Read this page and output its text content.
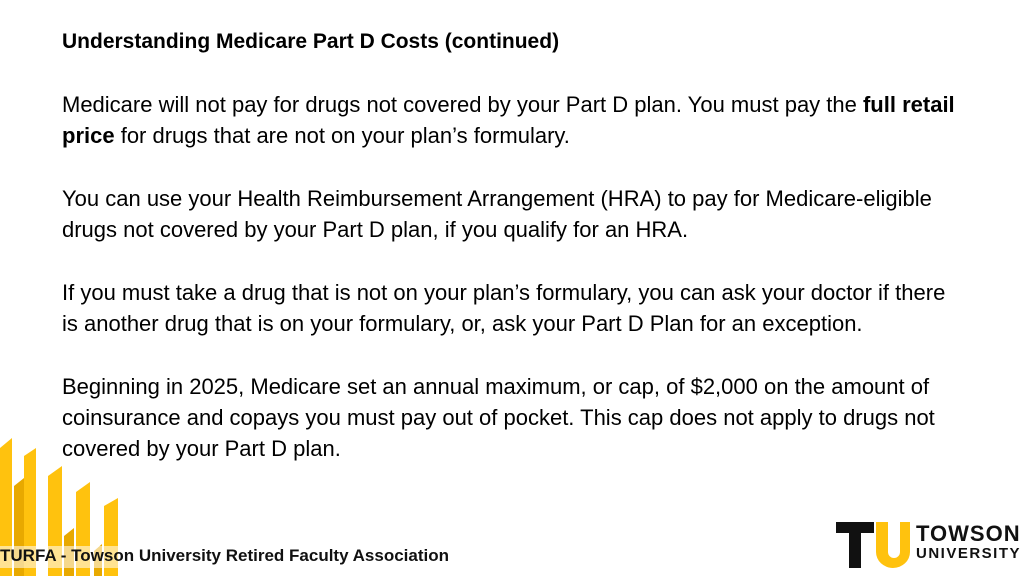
Understanding Medicare Part D Costs (continued)

Medicare will not pay for drugs not covered by your Part D plan. You must pay the full retail price for drugs that are not on your plan’s formulary.

You can use your Health Reimbursement Arrangement (HRA) to pay for Medicare-eligible drugs not covered by your Part D plan, if you qualify for an HRA.

If you must take a drug that is not on your plan’s formulary, you can ask your doctor if there is another drug that is on your formulary, or, ask your Part D Plan for an exception.

Beginning in 2025, Medicare set an annual maximum, or cap, of $2,000 on the amount of coinsurance and copays you must pay out of pocket. This cap does not apply to drugs not covered by your Part D plan.

TURFA - Towson University Retired Faculty Association
TOWSON
UNIVERSITY
